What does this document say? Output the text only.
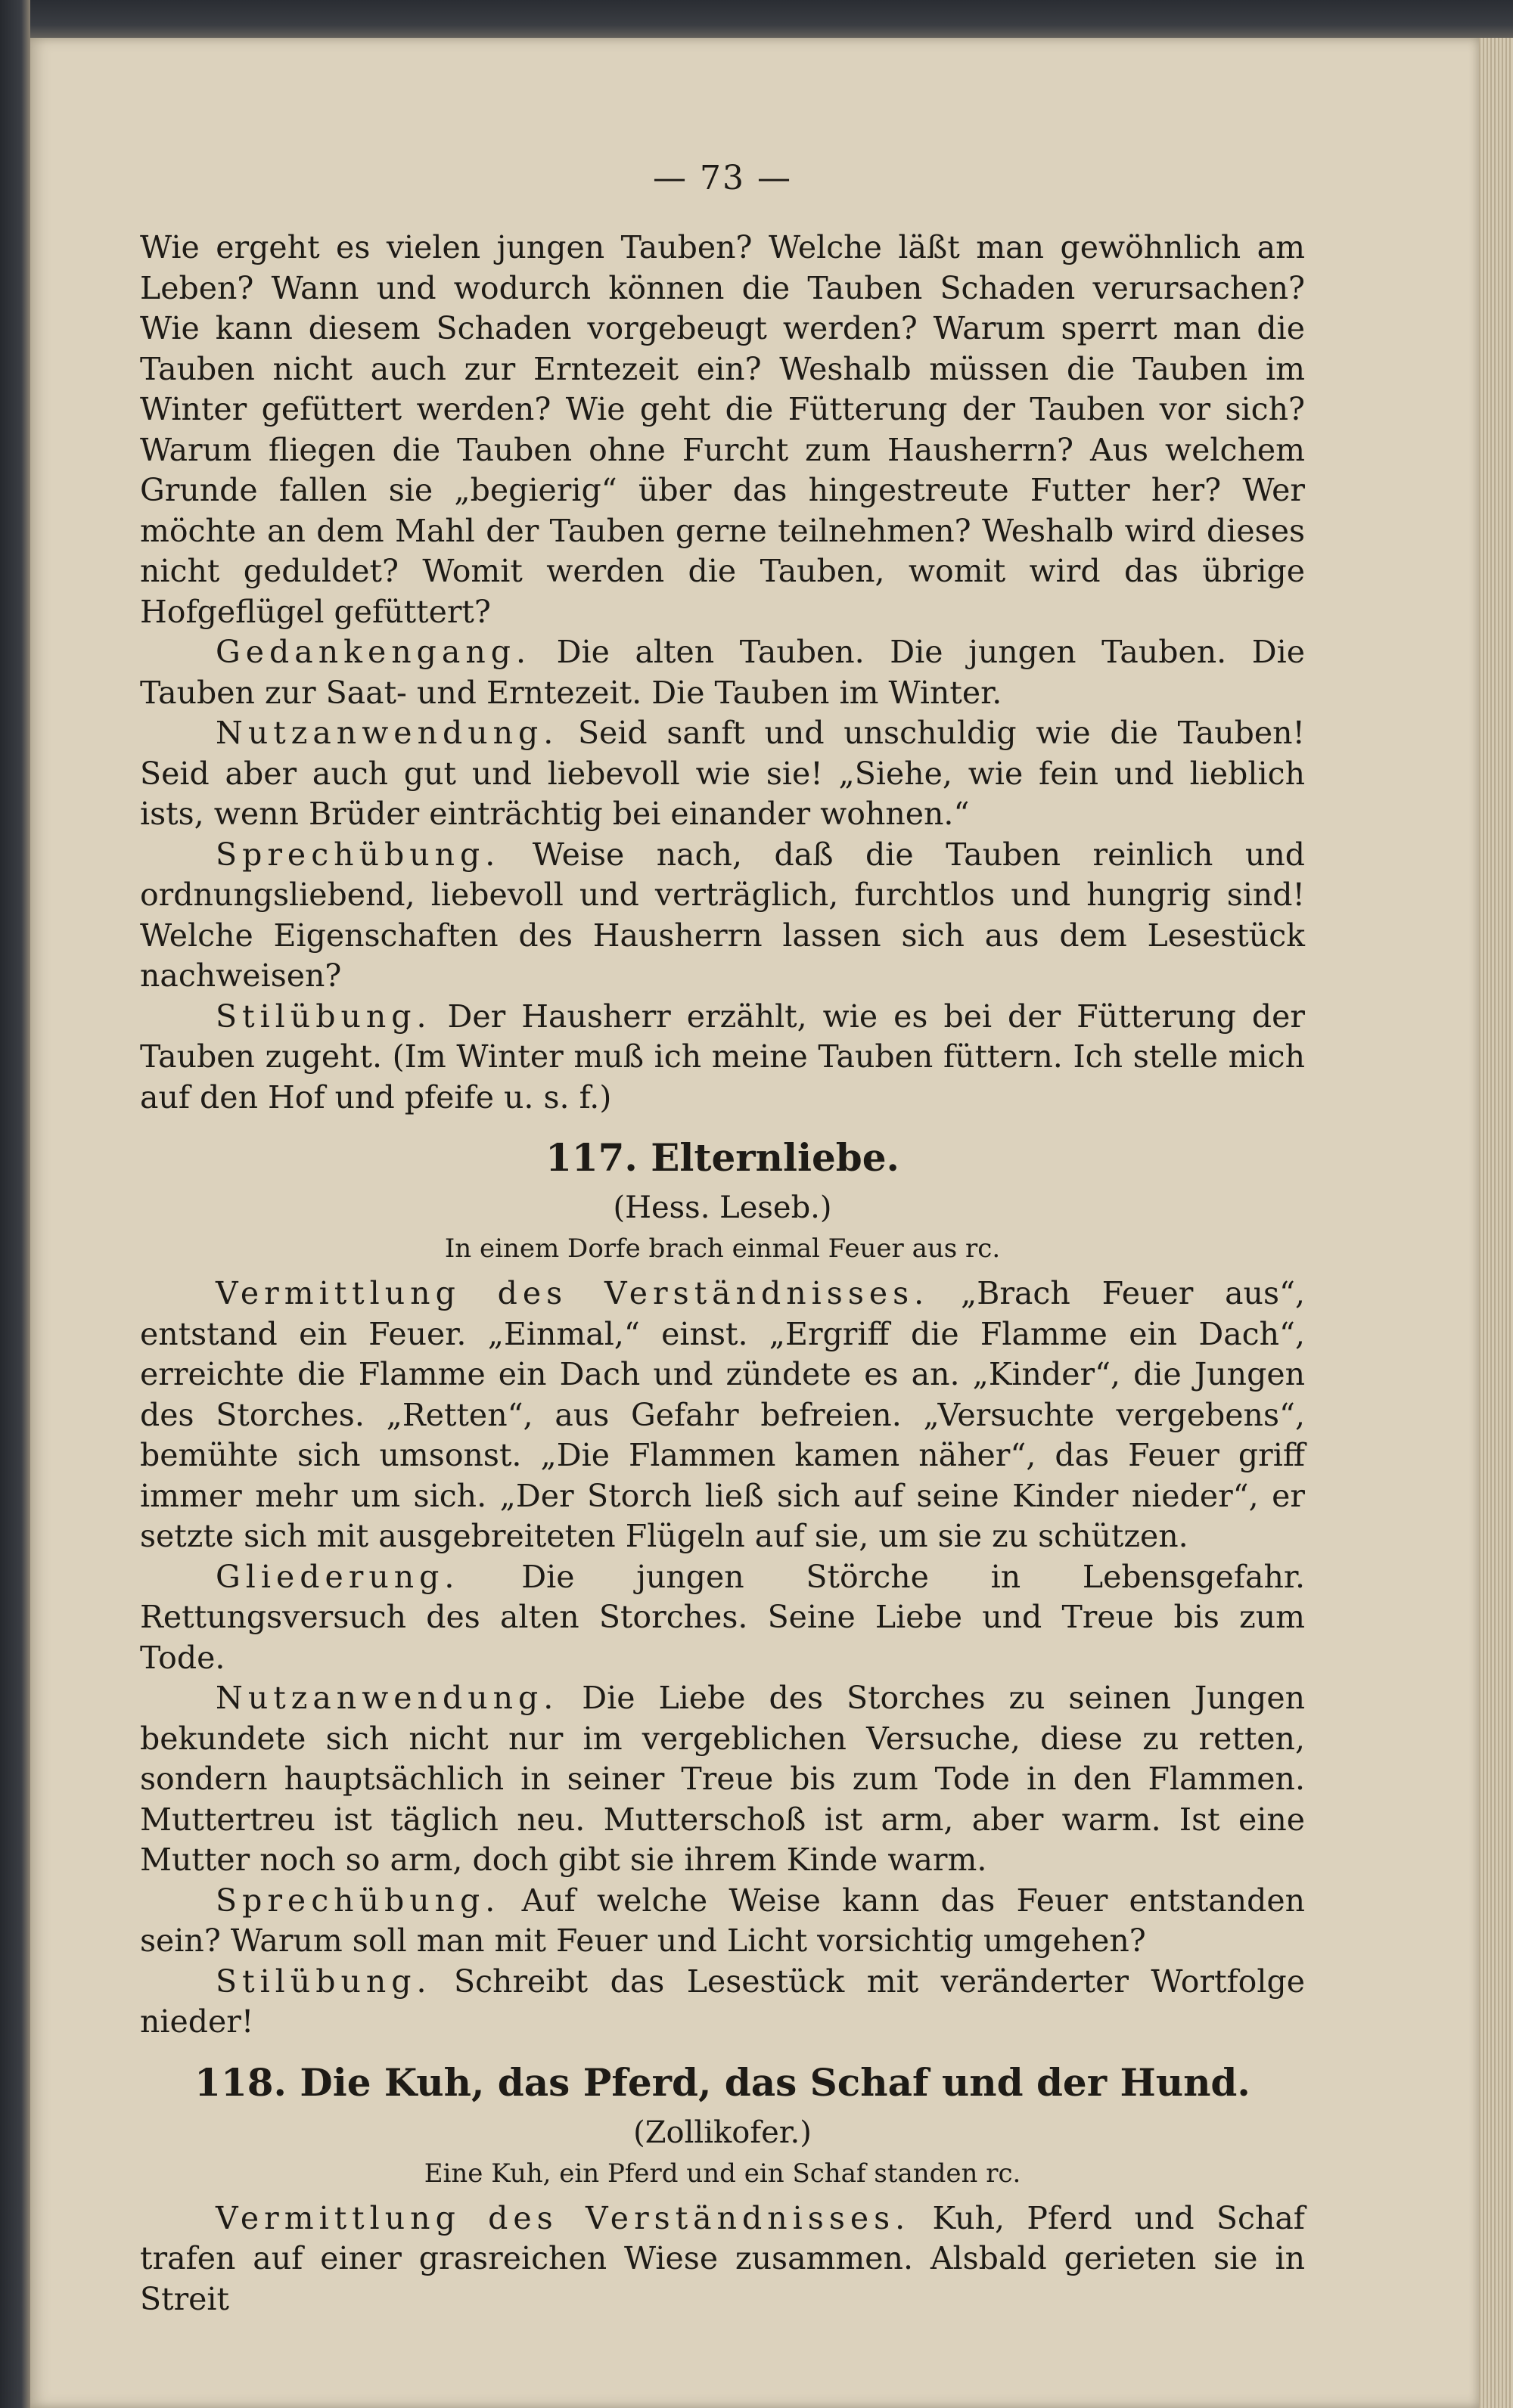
— 73 —

Wie ergeht es vielen jungen Tauben? Welche läßt man gewöhnlich am Leben? Wann und wodurch können die Tauben Schaden verursachen? Wie kann diesem Schaden vorgebeugt werden? Warum sperrt man die Tauben nicht auch zur Erntezeit ein? Weshalb müssen die Tauben im Winter gefüttert werden? Wie geht die Fütterung der Tauben vor sich? Warum fliegen die Tauben ohne Furcht zum Hausherrn? Aus welchem Grunde fallen sie „begierig“ über das hingestreute Futter her? Wer möchte an dem Mahl der Tauben gerne teilnehmen? Weshalb wird dieses nicht geduldet? Womit werden die Tauben, womit wird das übrige Hofgeflügel gefüttert?

Gedankengang. Die alten Tauben. Die jungen Tauben. Die Tauben zur Saat- und Erntezeit. Die Tauben im Winter.

Nutzanwendung. Seid sanft und unschuldig wie die Tauben! Seid aber auch gut und liebevoll wie sie! „Siehe, wie fein und lieblich ists, wenn Brüder einträchtig bei einander wohnen.“

Sprechübung. Weise nach, daß die Tauben reinlich und ordnungsliebend, liebevoll und verträglich, furchtlos und hungrig sind! Welche Eigenschaften des Hausherrn lassen sich aus dem Lesestück nachweisen?

Stilübung. Der Hausherr erzählt, wie es bei der Fütterung der Tauben zugeht. (Im Winter muß ich meine Tauben füttern. Ich stelle mich auf den Hof und pfeife u. s. f.)

117. Elternliebe.

(Hess. Leseb.)

In einem Dorfe brach einmal Feuer aus rc.

Vermittlung des Verständnisses. „Brach Feuer aus“, entstand ein Feuer. „Einmal,“ einst. „Ergriff die Flamme ein Dach“, erreichte die Flamme ein Dach und zündete es an. „Kinder“, die Jungen des Storches. „Retten“, aus Gefahr befreien. „Versuchte vergebens“, bemühte sich umsonst. „Die Flammen kamen näher“, das Feuer griff immer mehr um sich. „Der Storch ließ sich auf seine Kinder nieder“, er setzte sich mit ausgebreiteten Flügeln auf sie, um sie zu schützen.

Gliederung. Die jungen Störche in Lebensgefahr. Rettungsversuch des alten Storches. Seine Liebe und Treue bis zum Tode.

Nutzanwendung. Die Liebe des Storches zu seinen Jungen bekundete sich nicht nur im vergeblichen Versuche, diese zu retten, sondern hauptsächlich in seiner Treue bis zum Tode in den Flammen. Muttertreu ist täglich neu. Mutterschoß ist arm, aber warm. Ist eine Mutter noch so arm, doch gibt sie ihrem Kinde warm.

Sprechübung. Auf welche Weise kann das Feuer entstanden sein? Warum soll man mit Feuer und Licht vorsichtig umgehen?

Stilübung. Schreibt das Lesestück mit veränderter Wortfolge nieder!

118. Die Kuh, das Pferd, das Schaf und der Hund.

(Zollikofer.)

Eine Kuh, ein Pferd und ein Schaf standen rc.

Vermittlung des Verständnisses. Kuh, Pferd und Schaf trafen auf einer grasreichen Wiese zusammen. Alsbald gerieten sie in Streit
